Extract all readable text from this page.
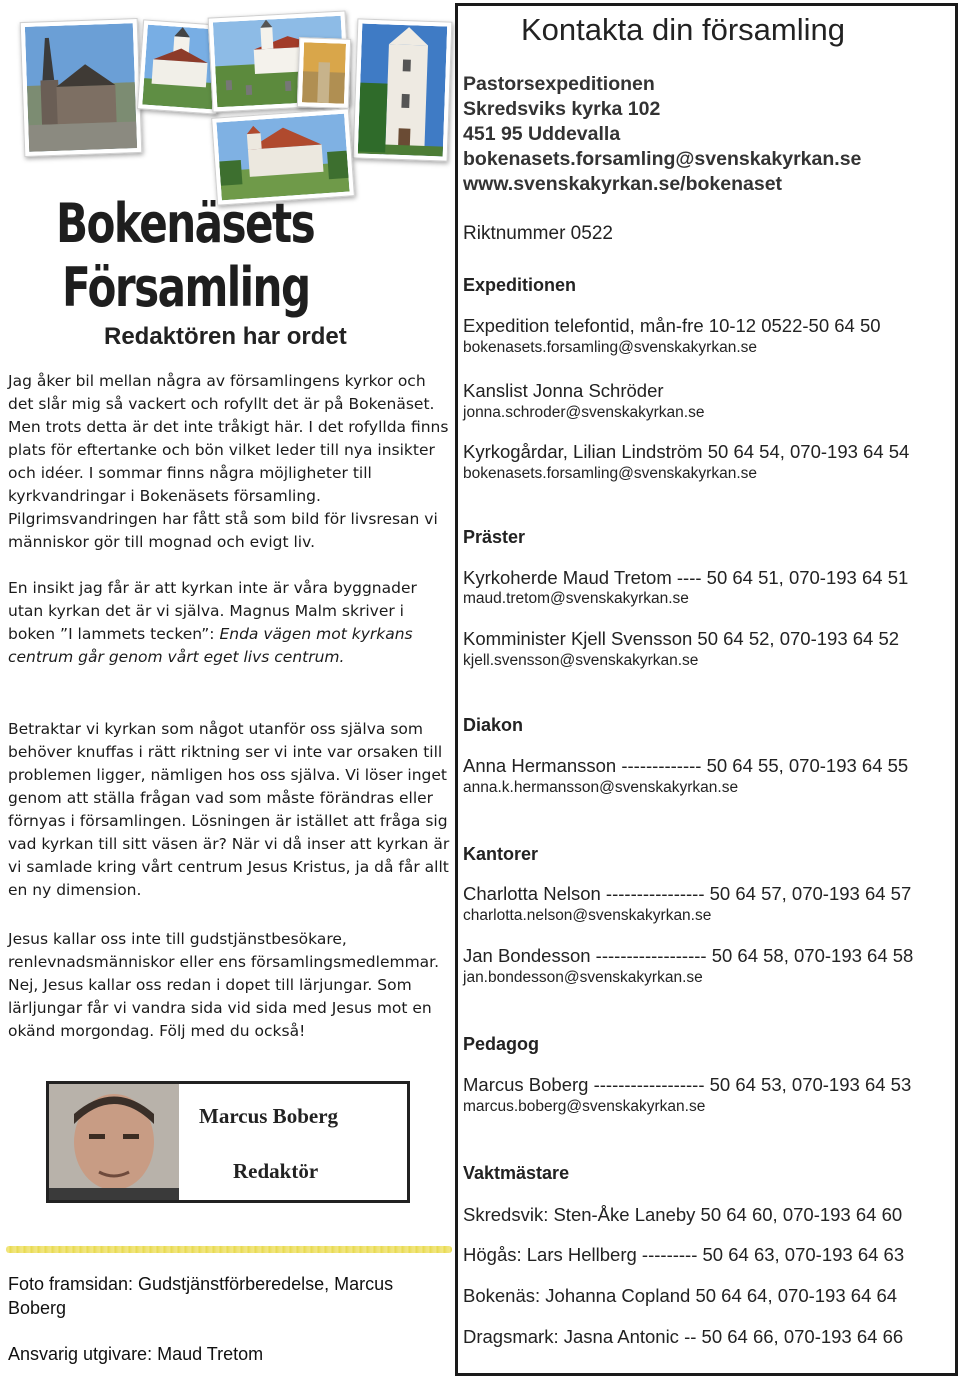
Bokenäsets
Församling
Redaktören har ordet

Jag åker bil mellan några av församlingens kyrkor och det slår mig så vackert och rofyllt det är på Bokenäset. Men trots detta är det inte tråkigt här. I det rofyllda finns plats för eftertanke och bön vilket leder till nya insikter och idéer. I sommar finns några möjligheter till kyrkvandringar i Bokenäsets församling. Pilgrimsvandringen har fått stå som bild för livsresan vi människor gör till mognad och evigt liv.

En insikt jag får är att kyrkan inte är våra byggnader utan kyrkan det är vi själva. Magnus Malm skriver i boken ”I lammets tecken”: Enda vägen mot kyrkans centrum går genom vårt eget livs centrum.

Betraktar vi kyrkan som något utanför oss själva som behöver knuffas i rätt riktning ser vi inte var orsaken till problemen ligger, nämligen hos oss själva. Vi löser inget genom att ställa frågan vad som måste förändras eller förnyas i församlingen. Lösningen är istället att fråga sig vad kyrkan till sitt väsen är? När vi då inser att kyrkan är vi samlade kring vårt centrum Jesus Kristus, ja då får allt en ny dimension.

Jesus kallar oss inte till gudstjänstbesökare, renlevnadsmänniskor eller ens församlingsmedlemmar. Nej, Jesus kallar oss redan i dopet till lärjungar. Som lärljungar får vi vandra sida vid sida med Jesus mot en okänd morgondag. Följ med du också!

Marcus Boberg
Redaktör
Foto framsidan: Gudstjänstförberedelse, Marcus Boberg
Ansvarig utgivare: Maud Tretom
Kontakta din församling
Pastorsexpeditionen
Skredsviks kyrka 102
451 95 Uddevalla
bokenasets.forsamling@svenskakyrkan.se
www.svenskakyrkan.se/bokenaset
Riktnummer 0522
Expeditionen
Expedition telefontid, mån-fre 10-12 0522-50 64 50
bokenasets.forsamling@svenskakyrkan.se
Kanslist Jonna Schröder
jonna.schroder@svenskakyrkan.se
Kyrkogårdar, Lilian Lindström 50 64 54, 070-193 64 54
bokenasets.forsamling@svenskakyrkan.se
Präster
Kyrkoherde Maud Tretom ---- 50 64 51, 070-193 64 51
maud.tretom@svenskakyrkan.se
Komminister Kjell Svensson 50 64 52, 070-193 64 52
kjell.svensson@svenskakyrkan.se
Diakon
Anna Hermansson ------------- 50 64 55, 070-193 64 55
anna.k.hermansson@svenskakyrkan.se
Kantorer
Charlotta Nelson ---------------- 50 64 57, 070-193 64 57
charlotta.nelson@svenskakyrkan.se
Jan Bondesson ------------------ 50 64 58, 070-193 64 58
jan.bondesson@svenskakyrkan.se
Pedagog
Marcus Boberg ------------------ 50 64 53, 070-193 64 53
marcus.boberg@svenskakyrkan.se
Vaktmästare
Skredsvik: Sten-Åke Laneby 50 64 60, 070-193 64 60
Högås: Lars Hellberg --------- 50 64 63, 070-193 64 63
Bokenäs: Johanna Copland 50 64 64, 070-193 64 64
Dragsmark: Jasna Antonic -- 50 64 66, 070-193 64 66
